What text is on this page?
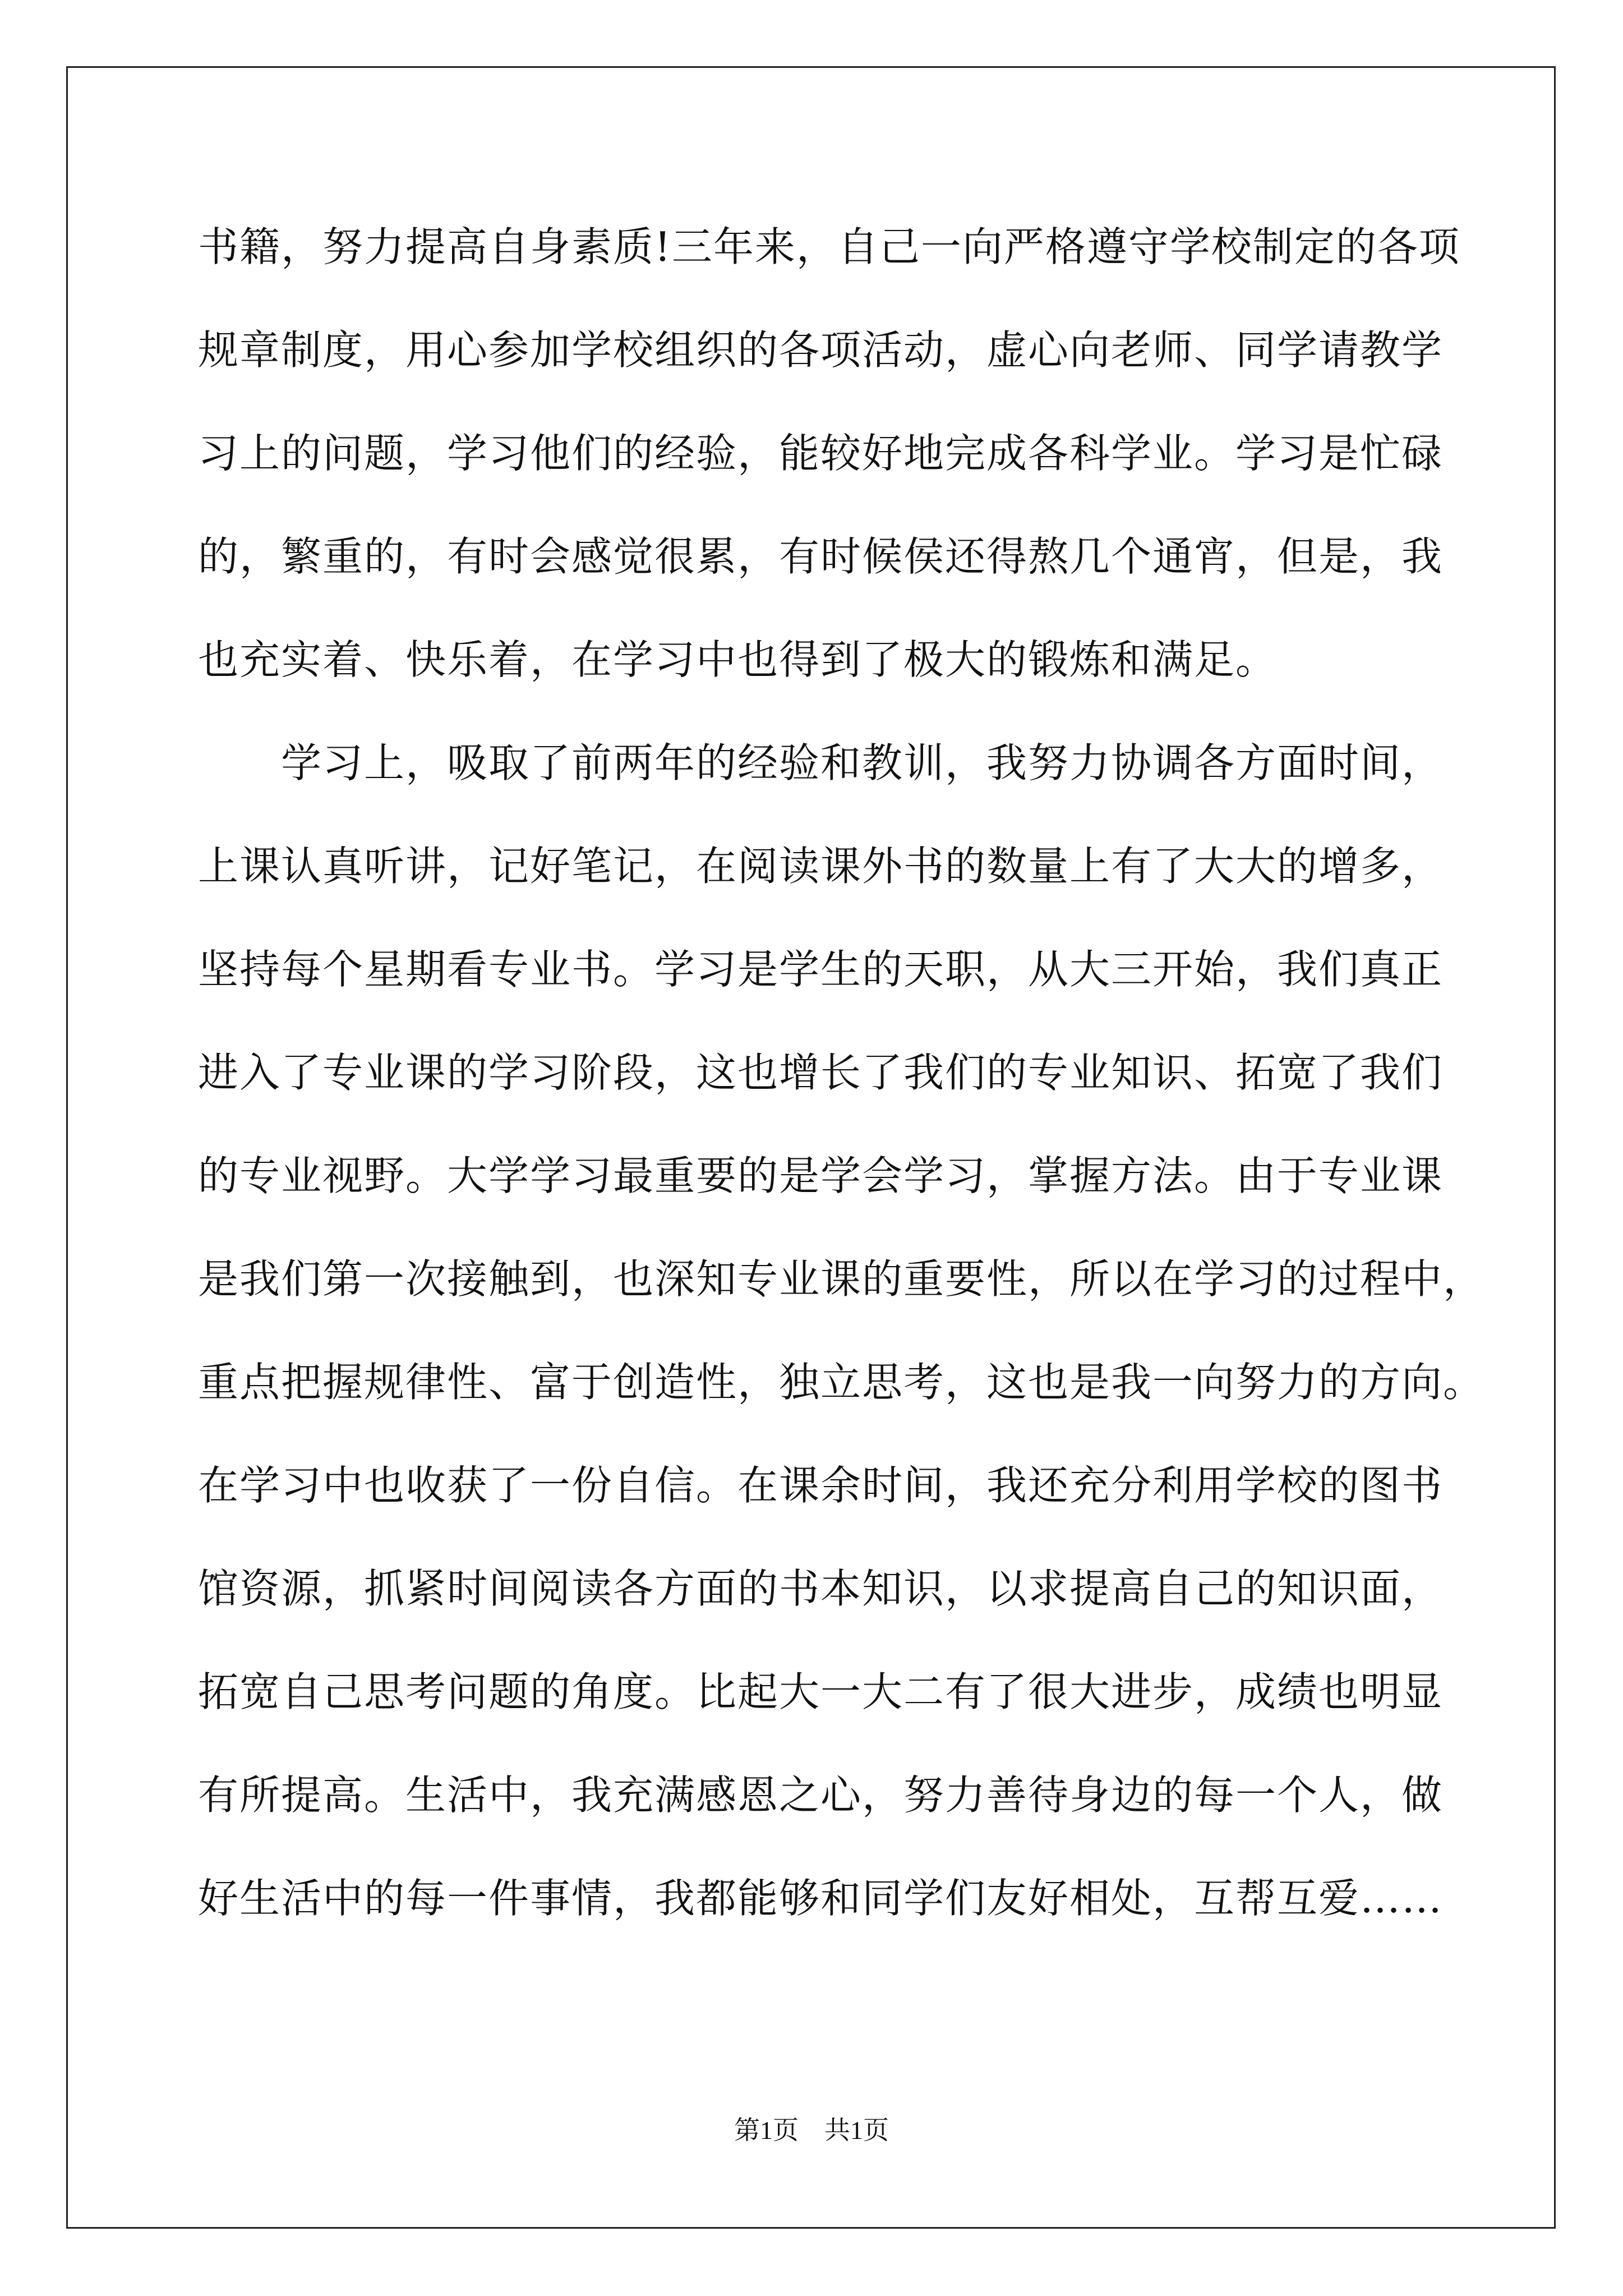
书籍，努力提高自身素质!三年来，自己一向严格遵守学校制定的各项
规章制度，用心参加学校组织的各项活动，虚心向老师、同学请教学
习上的问题，学习他们的经验，能较好地完成各科学业。学习是忙碌
的，繁重的，有时会感觉很累，有时候侯还得熬几个通宵，但是，我
也充实着、快乐着，在学习中也得到了极大的锻炼和满足。
　　学习上，吸取了前两年的经验和教训，我努力协调各方面时间，
上课认真听讲，记好笔记，在阅读课外书的数量上有了大大的增多，
坚持每个星期看专业书。学习是学生的天职，从大三开始，我们真正
进入了专业课的学习阶段，这也增长了我们的专业知识、拓宽了我们
的专业视野。大学学习最重要的是学会学习，掌握方法。由于专业课
是我们第一次接触到，也深知专业课的重要性，所以在学习的过程中，
重点把握规律性、富于创造性，独立思考，这也是我一向努力的方向。
在学习中也收获了一份自信。在课余时间，我还充分利用学校的图书
馆资源，抓紧时间阅读各方面的书本知识，以求提高自己的知识面，
拓宽自己思考问题的角度。比起大一大二有了很大进步，成绩也明显
有所提高。生活中，我充满感恩之心，努力善待身边的每一个人，做
好生活中的每一件事情，我都能够和同学们友好相处，互帮互爱……
第1页　共1页
